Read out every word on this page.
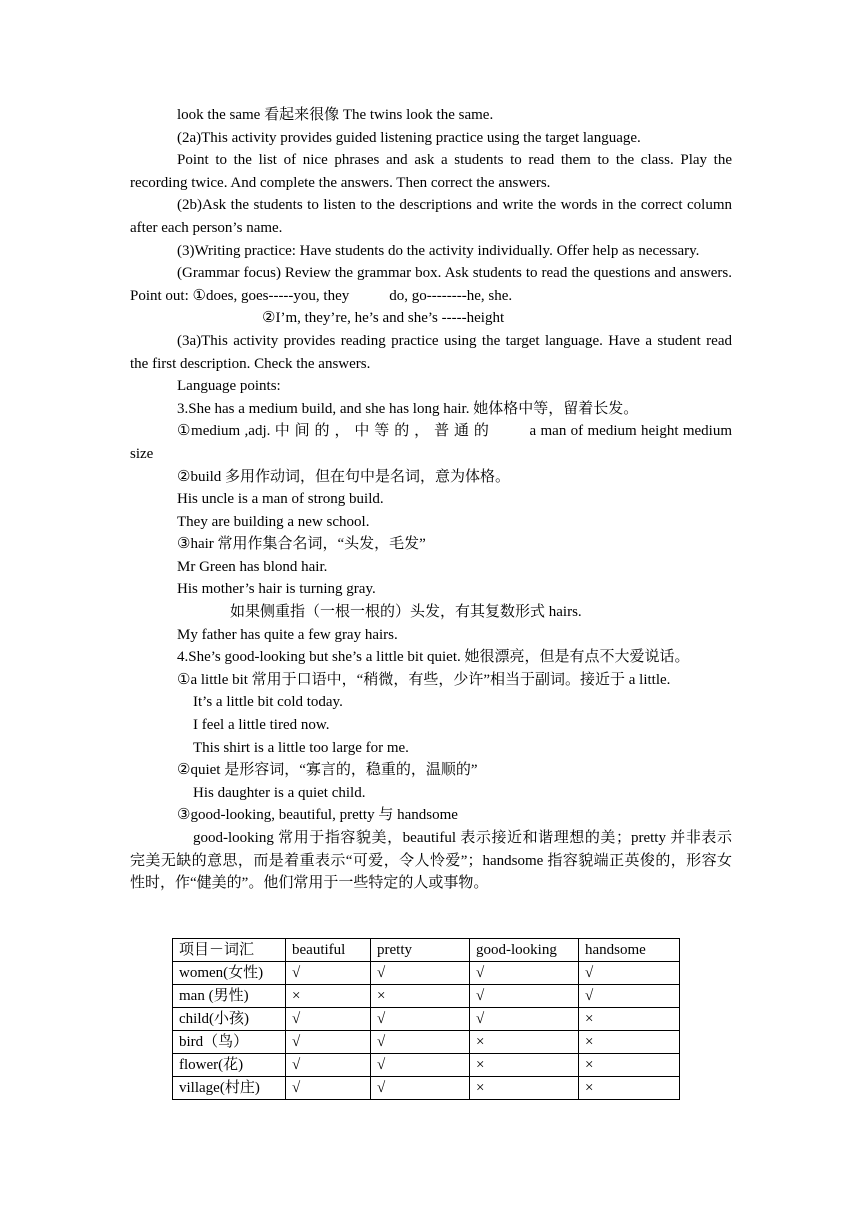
look the same 看起来很像 The twins look the same.

(2a)This activity provides guided listening practice using the target language.

Point to the list of nice phrases and ask a students to read them to the class. Play the recording twice. And complete the answers. Then correct the answers.

(2b)Ask the students to listen to the descriptions and write the words in the correct column after each person’s name.

(3)Writing practice: Have students do the activity individually. Offer help as necessary.

(Grammar focus) Review the grammar box. Ask students to read the questions and answers. Point out: ①does, goes-----you, they	do, go--------he, she.

②I’m, they’re, he’s and she’s -----height

(3a)This activity provides reading practice using the target language. Have a student read the first description. Check the answers.

Language points:

3.She has a medium build, and she has long hair. 她体格中等，留着长发。

①medium ,adj. 中 间 的 ， 中 等 的 ， 普 通 的	a man of medium height medium size

②build 多用作动词，但在句中是名词，意为体格。

His uncle is a man of strong build.

They are building a new school.

③hair 常用作集合名词，“头发，毛发”

Mr Green has blond hair.

His mother’s hair is turning gray.

如果侧重指（一根一根的）头发，有其复数形式 hairs.

My father has quite a few gray hairs.

4.She’s good-looking but she’s a little bit quiet. 她很漂亮，但是有点不大爱说话。

①a little bit 常用于口语中，“稍微，有些，少许”相当于副词。接近于 a little.

It’s a little bit cold today.

I feel a little tired now.

This shirt is a little too large for me.

②quiet 是形容词，“寡言的，稳重的，温顺的”

His daughter is a quiet child.

③good-looking, beautiful, pretty 与 handsome

good-looking 常用于指容貌美，beautiful 表示接近和谐理想的美；pretty 并非表示完美无缺的意思，而是着重表示“可爱，令人怜爱”；handsome 指容貌端正英俊的，形容女性时，作“健美的”。他们常用于一些特定的人或事物。

项目－词汇	beautiful	pretty	good-looking	handsome
women(女性)	√	√	√	√
man (男性)	×	×	√	√
child(小孩)	√	√	√	×
bird（鸟）	√	√	×	×
flower(花)	√	√	×	×
village(村庄)	√	√	×	×
